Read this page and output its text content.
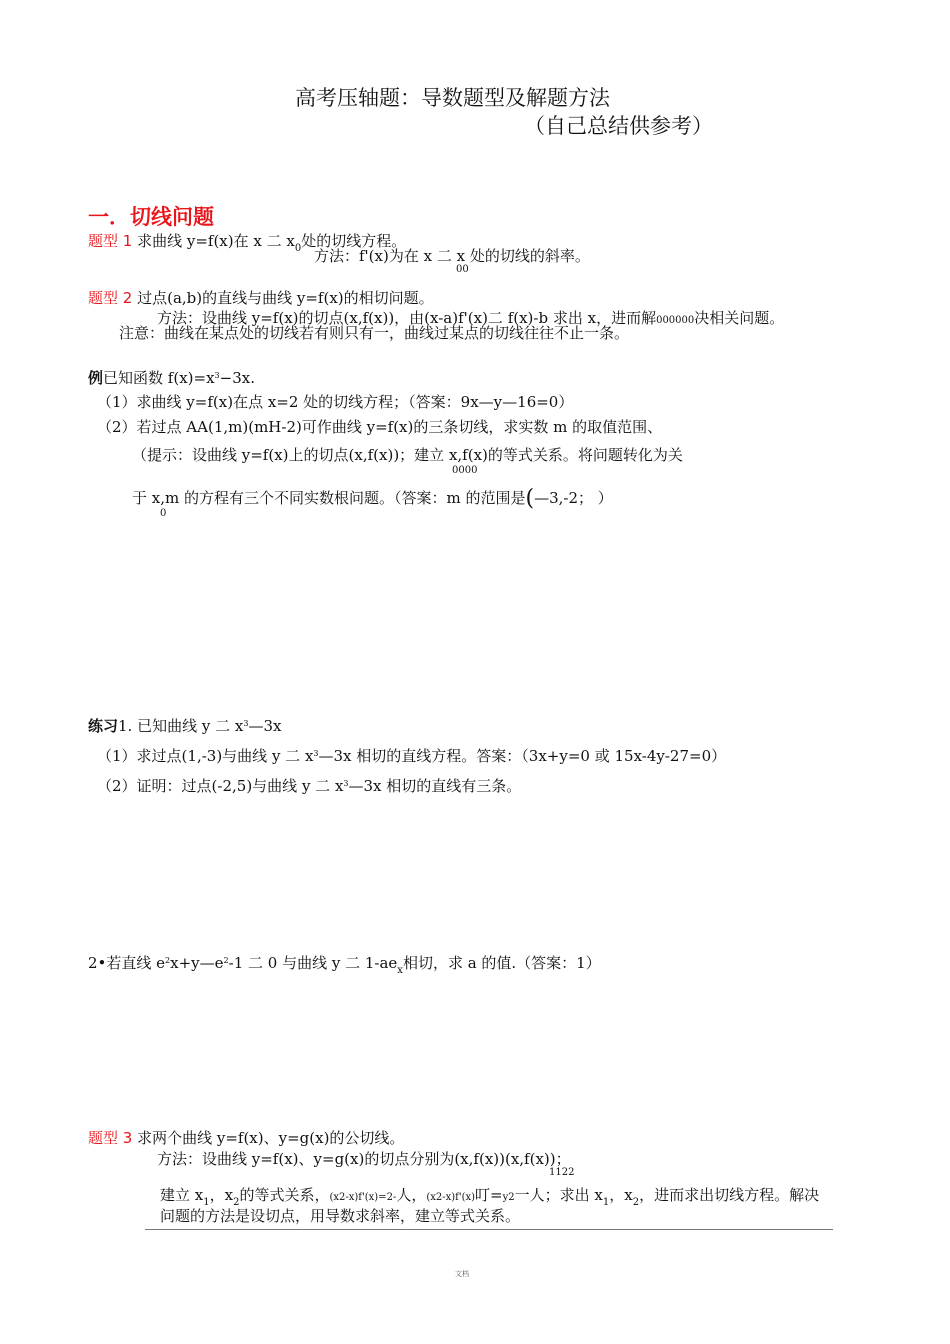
高考压轴题：导数题型及解题方法
（自己总结供参考）
一．切线问题
题型 1 求曲线 y=f(x)在 x 二 $x_0$处的切线方程。
方法：f'(x)为在 x 二 x 处的切线的斜率。
00
题型 2 过点(a,b)的直线与曲线 y=f(x)的相切问题。
方法：设曲线 y=f(x)的切点(x,f(x))，由(x-a)f'(x)二 f(x)-b 求出 x，进而解000000决相关问题。
注意：曲线在某点处的切线若有则只有一，曲线过某点的切线往往不止一条。
例已知函数 $f(x)=x^3-3x$.
（1）求曲线 y=f(x)在点 x=2 处的切线方程；（答案：9x—y—16=0）
（2）若过点 AA(1,m)(mH-2)可作曲线 y=f(x)的三条切线，求实数 m 的取值范围、
（提示：设曲线 y=f(x)上的切点(x,f(x))；建立 x,f(x)的等式关系。将问题转化为关
0000
于 x,m 的方程有三个不同实数根问题。（答案：m 的范围是(—3,-2； ）
0
练习1. 已知曲线 y 二 $x^3—3x$
（1）求过点(1,-3)与曲线 y 二 $x^3—3x$ 相切的直线方程。答案：（3x+y=0 或 15x-4y-27=0）
（2）证明：过点(-2,5)与曲线 y 二 $x^3—3x$ 相切的直线有三条。
2•若直线 $e^2x+y—e^2-1$ 二 0 与曲线 y 二 $1-ae_x$相切，求 a 的值.（答案：1）
题型 3 求两个曲线 y=f(x)、y=g(x)的公切线。
方法：设曲线 y=f(x)、y=g(x)的切点分别为(x,f(x))(x,f(x))；
1122
建立 $x_1$，$x_2$的等式关系，(x2-x)f'(x)=2-人，(x2-x)f'(x)叮=y2一人；求出 $x_1$，$x_2$，进而求出切线方程。解决
问题的方法是设切点，用导数求斜率，建立等式关系。
文档
